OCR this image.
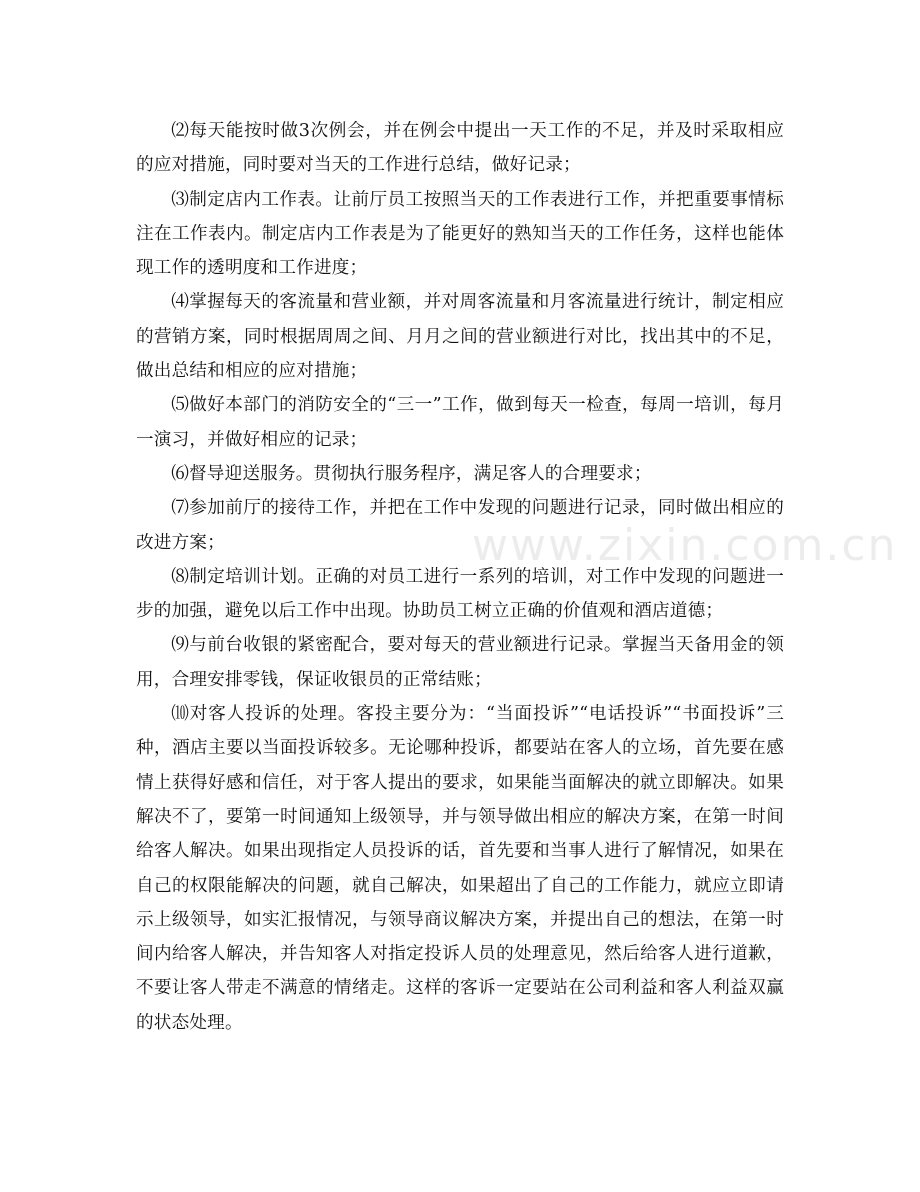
⑵每天能按时做3次例会，并在例会中提出一天工作的不足，并及时采取相应的应对措施，同时要对当天的工作进行总结，做好记录；

⑶制定店内工作表。让前厅员工按照当天的工作表进行工作，并把重要事情标注在工作表内。制定店内工作表是为了能更好的熟知当天的工作任务，这样也能体现工作的透明度和工作进度；

⑷掌握每天的客流量和营业额，并对周客流量和月客流量进行统计，制定相应的营销方案，同时根据周周之间、月月之间的营业额进行对比，找出其中的不足，做出总结和相应的应对措施；

⑸做好本部门的消防安全的“三一”工作，做到每天一检查，每周一培训，每月一演习，并做好相应的记录；

⑹督导迎送服务。贯彻执行服务程序，满足客人的合理要求；

⑺参加前厅的接待工作，并把在工作中发现的问题进行记录，同时做出相应的改进方案；

⑻制定培训计划。正确的对员工进行一系列的培训，对工作中发现的问题进一步的加强，避免以后工作中出现。协助员工树立正确的价值观和酒店道德；

⑼与前台收银的紧密配合，要对每天的营业额进行记录。掌握当天备用金的领用，合理安排零钱，保证收银员的正常结账；

⑽对客人投诉的处理。客投主要分为：“当面投诉”“电话投诉”“书面投诉”三种，酒店主要以当面投诉较多。无论哪种投诉，都要站在客人的立场，首先要在感情上获得好感和信任，对于客人提出的要求，如果能当面解决的就立即解决。如果解决不了，要第一时间通知上级领导，并与领导做出相应的解决方案，在第一时间给客人解决。如果出现指定人员投诉的话，首先要和当事人进行了解情况，如果在自己的权限能解决的问题，就自己解决，如果超出了自己的工作能力，就应立即请示上级领导，如实汇报情况，与领导商议解决方案，并提出自己的想法，在第一时间内给客人解决，并告知客人对指定投诉人员的处理意见，然后给客人进行道歉，不要让客人带走不满意的情绪走。这样的客诉一定要站在公司利益和客人利益双赢的状态处理。

www.zixin.com.cn
